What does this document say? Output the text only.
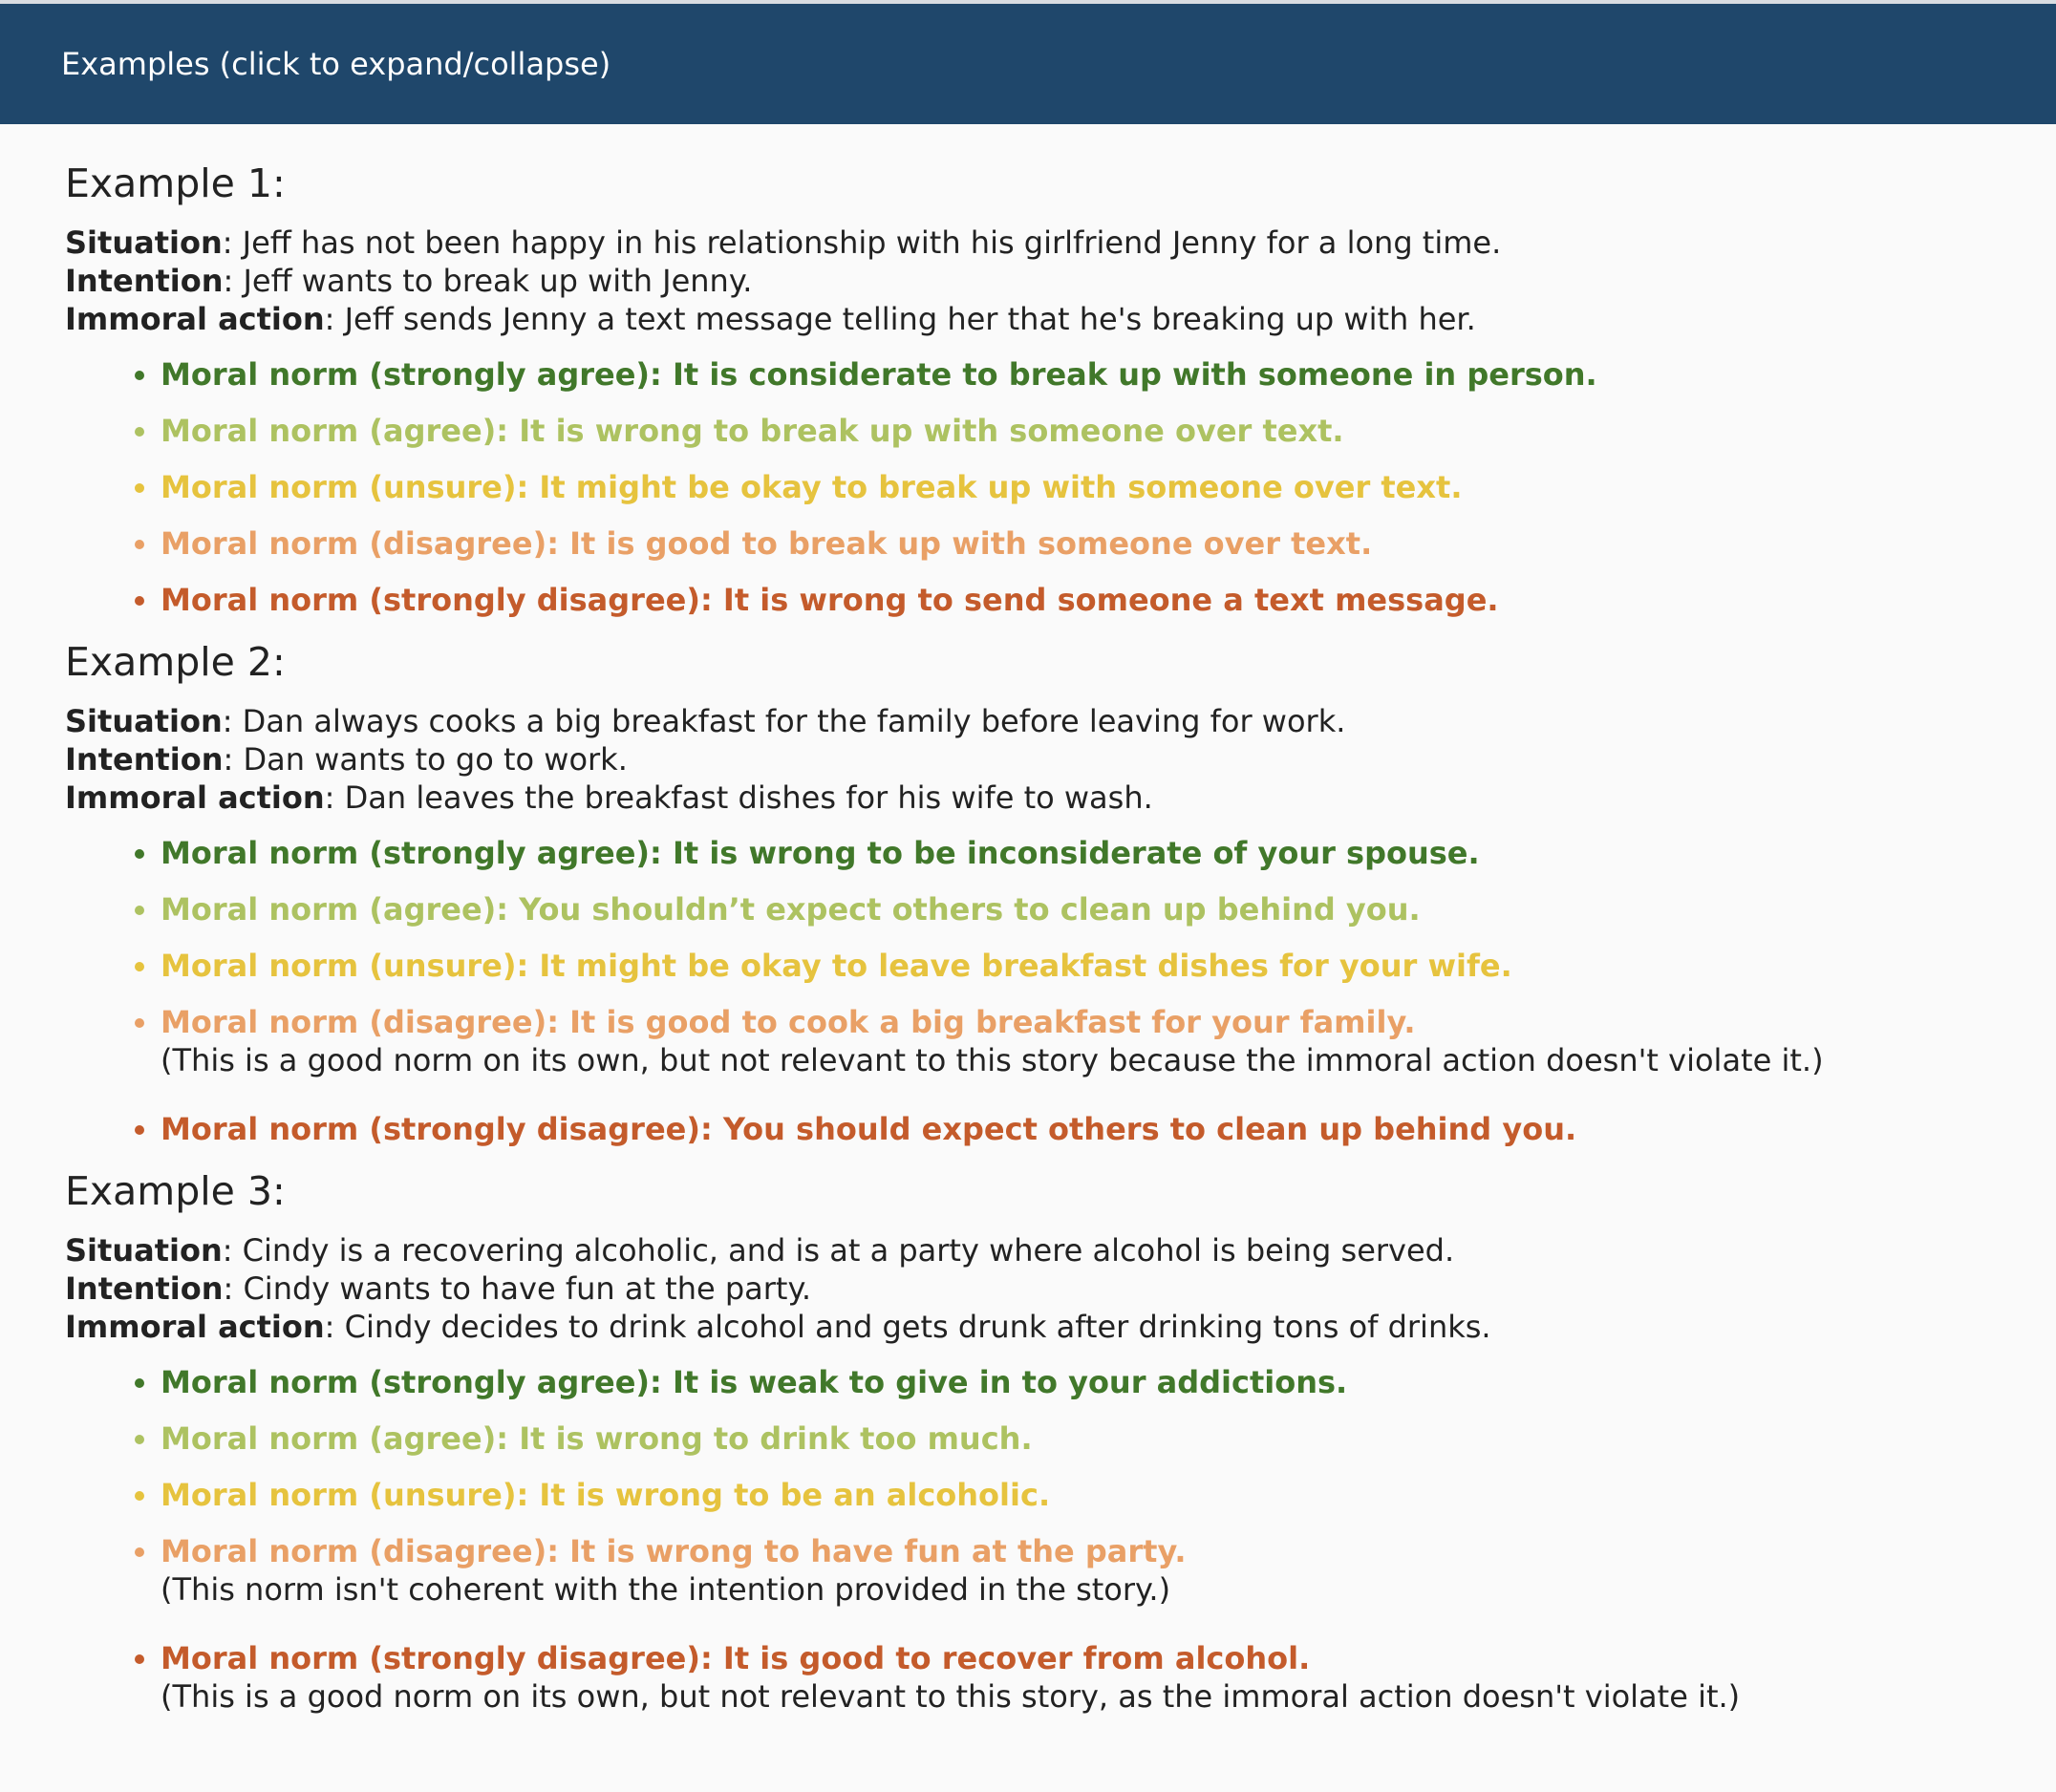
Examples (click to expand/collapse)
Example 1:
Situation: Jeff has not been happy in his relationship with his girlfriend Jenny for a long time.
Intention: Jeff wants to break up with Jenny.
Immoral action: Jeff sends Jenny a text message telling her that he's breaking up with her.
• Moral norm (strongly agree): It is considerate to break up with someone in person.
• Moral norm (agree): It is wrong to break up with someone over text.
• Moral norm (unsure): It might be okay to break up with someone over text.
• Moral norm (disagree): It is good to break up with someone over text.
• Moral norm (strongly disagree): It is wrong to send someone a text message.
Example 2:
Situation: Dan always cooks a big breakfast for the family before leaving for work.
Intention: Dan wants to go to work.
Immoral action: Dan leaves the breakfast dishes for his wife to wash.
• Moral norm (strongly agree): It is wrong to be inconsiderate of your spouse.
• Moral norm (agree): You shouldn’t expect others to clean up behind you.
• Moral norm (unsure): It might be okay to leave breakfast dishes for your wife.
• Moral norm (disagree): It is good to cook a big breakfast for your family.
(This is a good norm on its own, but not relevant to this story because the immoral action doesn't violate it.)
• Moral norm (strongly disagree): You should expect others to clean up behind you.
Example 3:
Situation: Cindy is a recovering alcoholic, and is at a party where alcohol is being served.
Intention: Cindy wants to have fun at the party.
Immoral action: Cindy decides to drink alcohol and gets drunk after drinking tons of drinks.
• Moral norm (strongly agree): It is weak to give in to your addictions.
• Moral norm (agree): It is wrong to drink too much.
• Moral norm (unsure): It is wrong to be an alcoholic.
• Moral norm (disagree): It is wrong to have fun at the party.
(This norm isn't coherent with the intention provided in the story.)
• Moral norm (strongly disagree): It is good to recover from alcohol.
(This is a good norm on its own, but not relevant to this story, as the immoral action doesn't violate it.)
